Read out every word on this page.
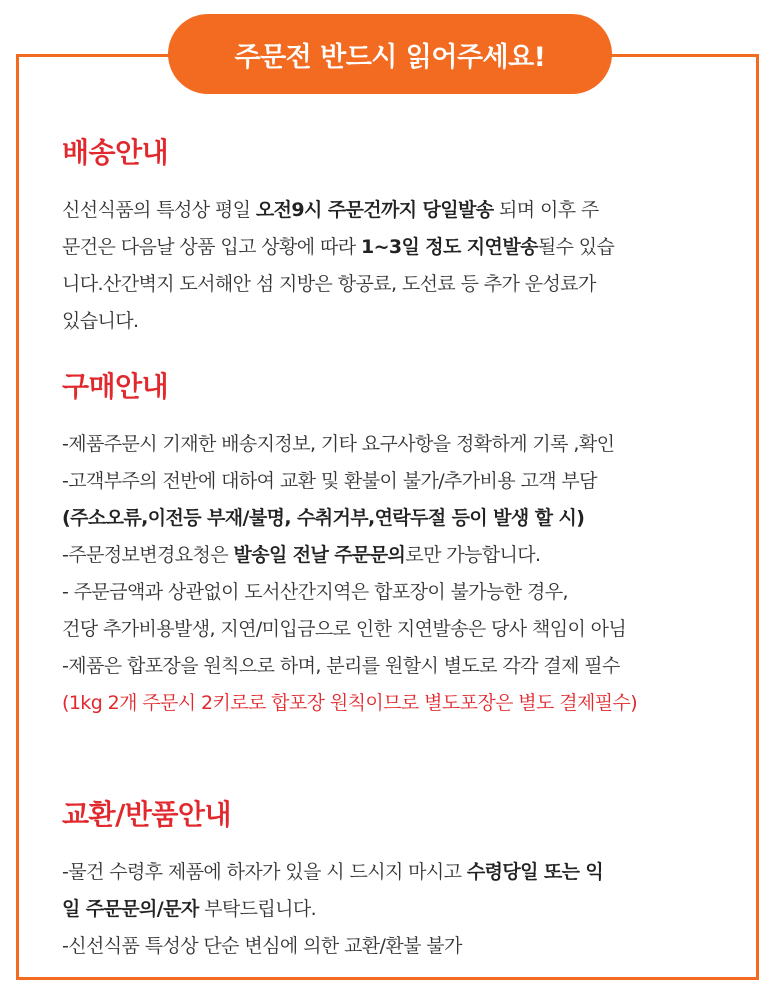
주문전 반드시 읽어주세요!
배송안내
신선식품의 특성상 평일 오전9시 주문건까지 당일발송 되며 이후 주
문건은 다음날 상품 입고 상황에 따라 1~3일 정도 지연발송될수 있습
니다.산간벽지 도서해안 섬 지방은 항공료, 도선료 등 추가 운성료가
있습니다.
구매안내
-제품주문시 기재한 배송지정보, 기타 요구사항을 정확하게 기록 ,확인
-고객부주의 전반에 대하여 교환 및 환불이 불가/추가비용 고객 부담
(주소오류,이전등 부재/불명, 수취거부,연락두절 등이 발생 할 시)
-주문정보변경요청은 발송일 전날 주문문의로만 가능합니다.
- 주문금액과 상관없이 도서산간지역은 합포장이 불가능한 경우,
건당 추가비용발생, 지연/미입금으로 인한 지연발송은 당사 책임이 아님
-제품은 합포장을 원칙으로 하며, 분리를 원할시 별도로 각각 결제 필수
(1kg 2개 주문시 2키로로 합포장 원칙이므로 별도포장은 별도 결제필수)
교환/반품안내
-물건 수령후 제품에 하자가 있을 시 드시지 마시고 수령당일 또는 익
일 주문문의/문자 부탁드립니다.
-신선식품 특성상 단순 변심에 의한 교환/환불 불가
